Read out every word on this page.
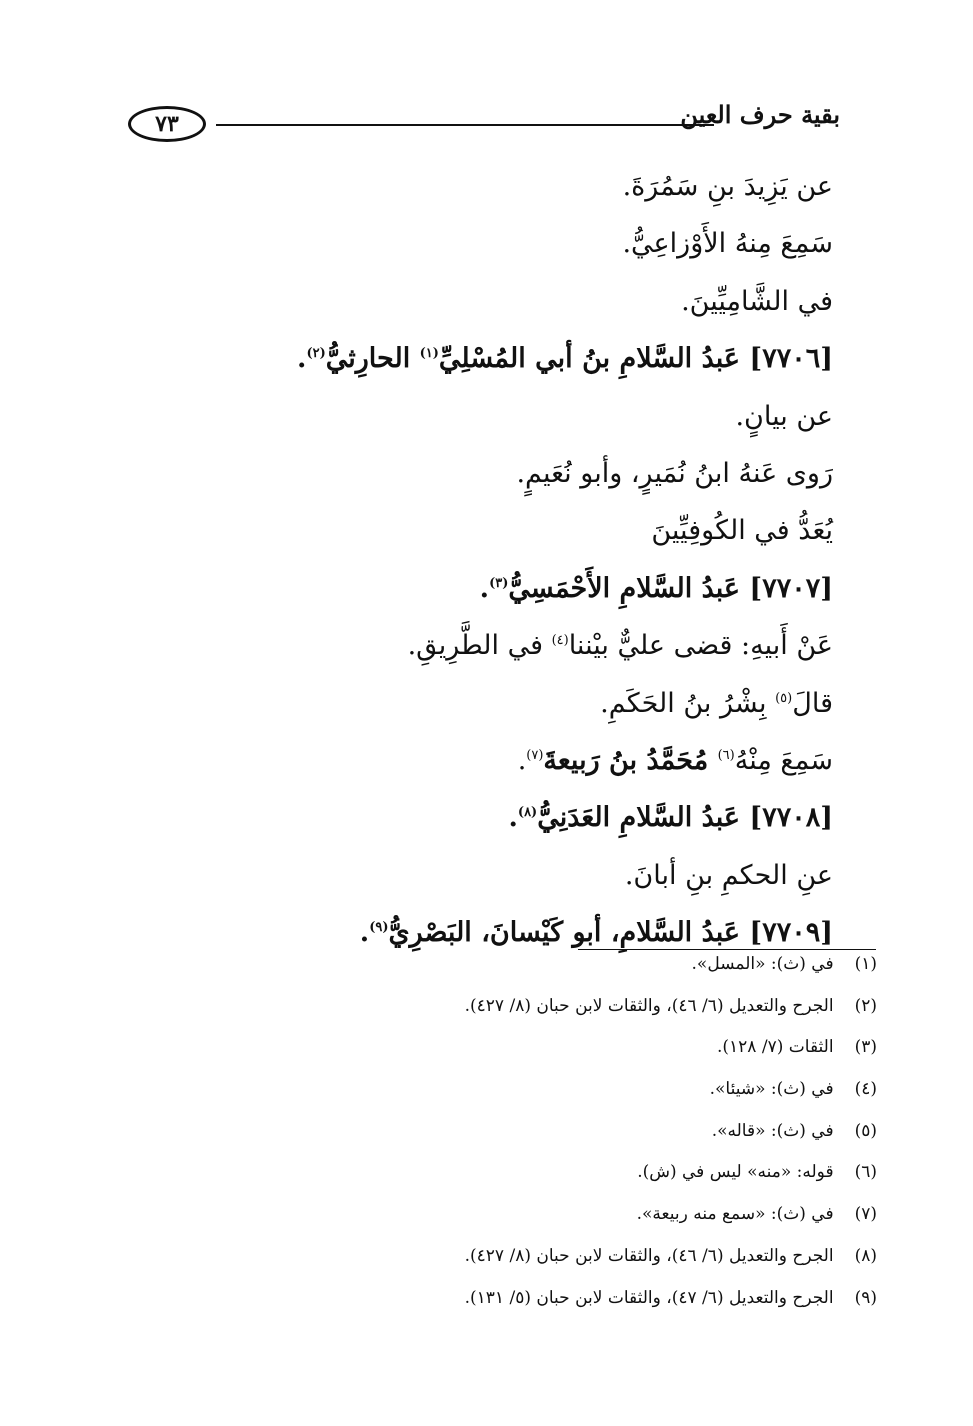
٧٣	بقية حرف العين
عن يَزِيدَ بنِ سَمُرَةَ.
سَمِعَ مِنهُ الأَوْزاعِيُّ.
في الشَّامِيِّينَ.
[٧٧٠٦] عَبدُ السَّلامِ بنُ أبي المُسْلِيِّ$^{(١)}$ الحارِثيُّ$^{(٢)}$.
عن بيانٍ.
رَوى عَنهُ ابنُ نُمَيرٍ، وأبو نُعَيمٍ.
يُعَدُّ في الكُوفِيِّينَ
[٧٧٠٧] عَبدُ السَّلامِ الأَحْمَسِيُّ$^{(٣)}$.
عَنْ أَبيهِ: قضى عليٌّ بيْننا$^{(٤)}$ في الطَّرِيقِ.
قالَ$^{(٥)}$ بِشْرُ بنُ الحَكَمِ.
سَمِعَ مِنْهُ$^{(٦)}$ مُحَمَّدُ بنُ رَبيعةَ$^{(٧)}$.
[٧٧٠٨] عَبدُ السَّلامِ العَدَنِيُّ$^{(٨)}$.
عنِ الحكمِ بنِ أبانَ.
[٧٧٠٩] عَبدُ السَّلامِ، أبو كَيْسانَ، البَصْرِيُّ$^{(٩)}$.
(١) في (ث): «المسل».
(٢) الجرح والتعديل (٦/ ٤٦)، والثقات لابن حبان (٨/ ٤٢٧).
(٣) الثقات (٧/ ١٢٨).
(٤) في (ث): «شيئا».
(٥) في (ث): «قاله».
(٦) قوله: «منه» ليس في (ش).
(٧) في (ث): «سمع منه ربيعة».
(٨) الجرح والتعديل (٦/ ٤٦)، والثقات لابن حبان (٨/ ٤٢٧).
(٩) الجرح والتعديل (٦/ ٤٧)، والثقات لابن حبان (٥/ ١٣١).
